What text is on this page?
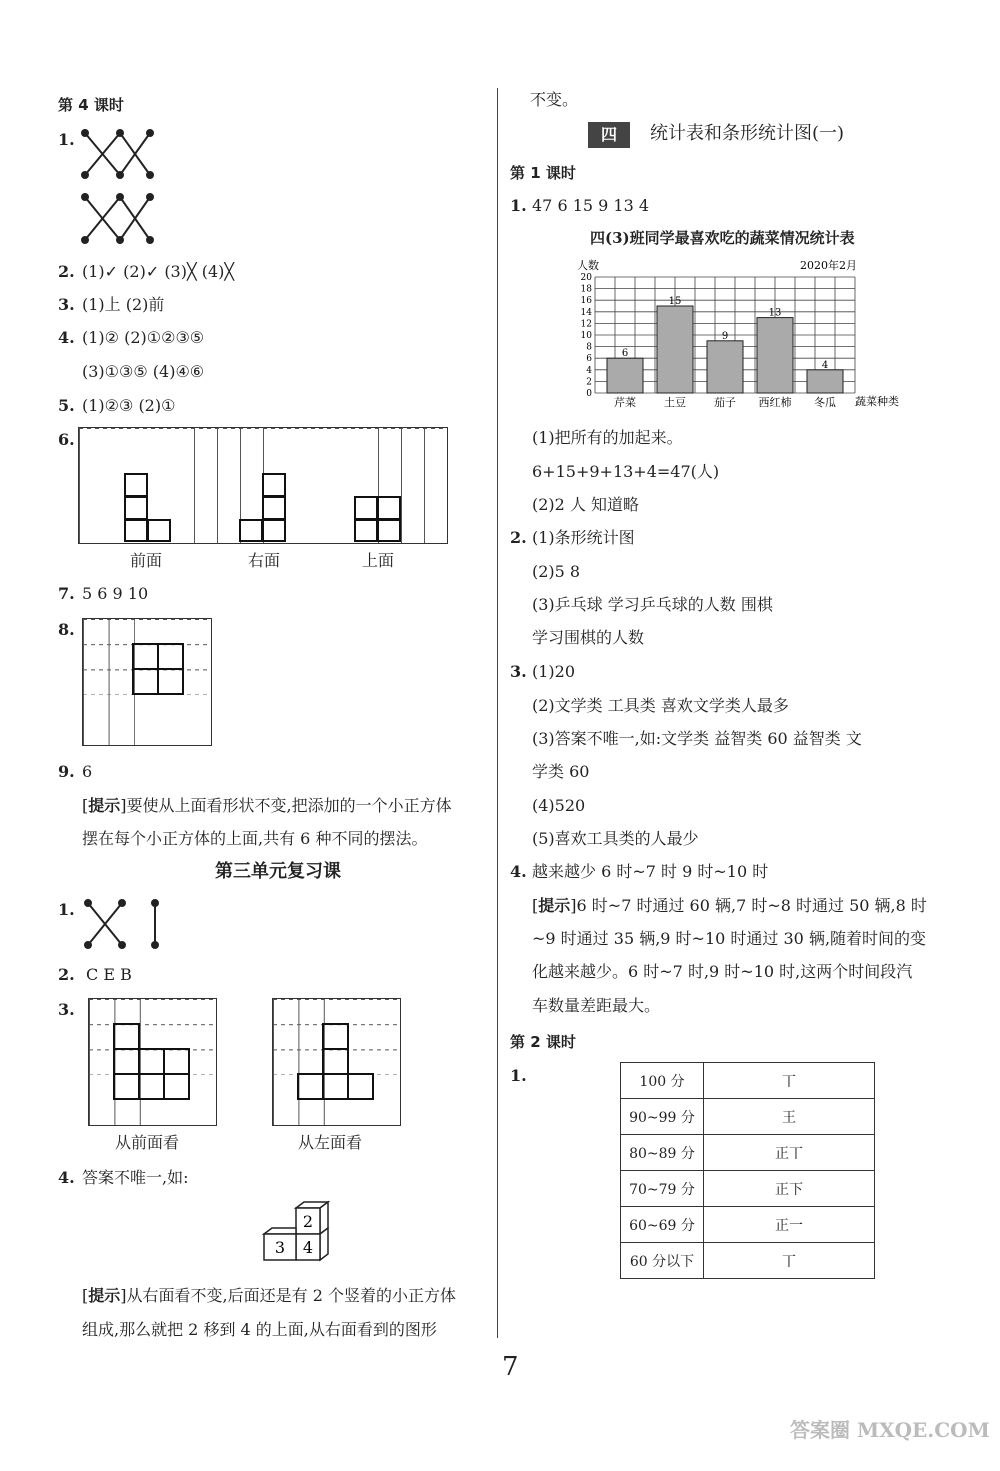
第 4 课时
1.
2. (1)✓ (2)✓ (3)╳ (4)╳
3. (1)上 (2)前
4. (1)② (2)①②③⑤
(3)①③⑤ (4)④⑥
5. (1)②③ (2)①
6.
前面	右面	上面
7. 5 6 9 10
8.
9. 6
[提示]要使从上面看形状不变,把添加的一个小正方体
摆在每个小正方体的上面,共有 6 种不同的摆法。
第三单元复习课
1.
2. C E B
3.
从前面看	从左面看
4. 答案不唯一,如:
2
3 4
[提示]从右面看不变,后面还是有 2 个竖着的小正方体
组成,那么就把 2 移到 4 的上面,从右面看到的图形
不变。
四	统计表和条形统计图(一)
第 1 课时
1. 47 6 15 9 13 4
四(3)班同学最喜欢吃的蔬菜情况统计表
人数	2020年2月
0
2
4
6
8
10
12
14
16
18
20
6
15
9
13
4
芹菜	土豆	茄子 西红柿 冬瓜 蔬菜种类
(1)把所有的加起来。
6+15+9+13+4=47(人)
(2)2 人 知道略
2. (1)条形统计图
(2)5 8
(3)乒乓球 学习乒乓球的人数 围棋
学习围棋的人数
3. (1)20
(2)文学类 工具类 喜欢文学类人最多
(3)答案不唯一,如:文学类 益智类 60 益智类 文
学类 60
(4)520
(5)喜欢工具类的人最少
4. 越来越少 6 时~7 时 9 时~10 时
[提示]6 时~7 时通过 60 辆,7 时~8 时通过 50 辆,8 时
~9 时通过 35 辆,9 时~10 时通过 30 辆,随着时间的变
化越来越少。6 时~7 时,9 时~10 时,这两个时间段汽
车数量差距最大。
第 2 课时
1.	100 分	丅
90~99 分	王
80~89 分	正丅
70~79 分	正下
60~69 分	正一
60 分以下	丅
7
答案圈 MXQE.COM
